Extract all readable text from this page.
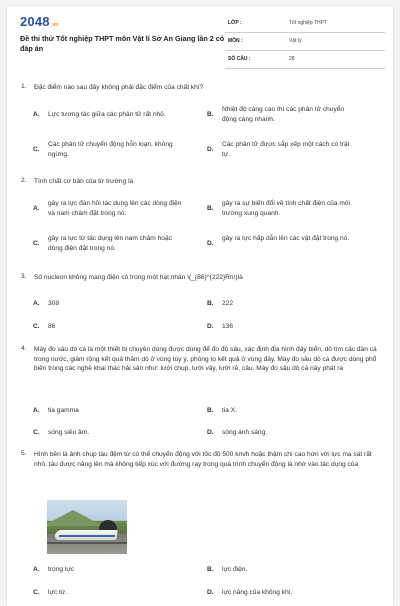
2048.vn
Đề thi thử Tốt nghiệp THPT môn Vật lí Sở An Giang lần 2 có đáp án
LỚP :	Tốt nghiệp THPT
MÔN :	Vật lý
SỐ CÂU :	28
1. Đặc điểm nào sau đây không phải đặc điểm của chất khí?
A. Lực tương tác giữa các phân tử rất nhỏ.	B.
Nhiệt độ càng cao thì các phân tử chuyển động càng nhanh.
C.
Các phân tử chuyển động hỗn loạn, không ngừng.
D.
Các phân tử được sắp xếp một cách có trật tự.
2. Tính chất cơ bản của từ trường là
A.
gây ra lực đàn hồi tác dụng lên các dòng điện và nam châm đặt trong nó.
B.
gây ra sự biến đổi về tính chất điện của môi trường xung quanh.
C.
gây ra lực từ tác dụng lên nam châm hoặc dòng điện đặt trong nó.
D.
gây ra lực hấp dẫn lên các vật đặt trong nó.
3. Số nucleon không mang điện có trong một hạt nhân \(_{86}^{222}Rn\)là
A. 308	B. 222
C. 86	D. 136
4. Máy đo sâu dò cá là một thiết bị chuyên dùng được dùng để đo độ sâu, xác định địa hình đáy biển, dò tìm các đàn cá trong nước, giám rộng kết quả thăm dò ở vùng tùy ý, phóng to kết quả ở vùng đáy. Máy đo sâu dò cá được dùng phổ biến trong các nghề khai thác hải sản như: lưới chụp, lưới vây, lưới rê, câu. Máy đo sâu dò cá này phát ra
A. tia gamma	B. tia X.
C. sóng siêu âm.	D. sóng ánh sáng.
5. Hình bên là ảnh chụp tàu đệm từ có thể chuyển động với tốc độ 500 km/h hoặc thậm chí cao hơn với lực ma sát rất nhỏ, tàu được nâng lên mà không tiếp xúc với đường ray trong quá trình chuyển động là nhờ vào tác dụng của
A. trọng lực	B. lực điện.
C. lực từ.	D. lực nâng của không khí.
